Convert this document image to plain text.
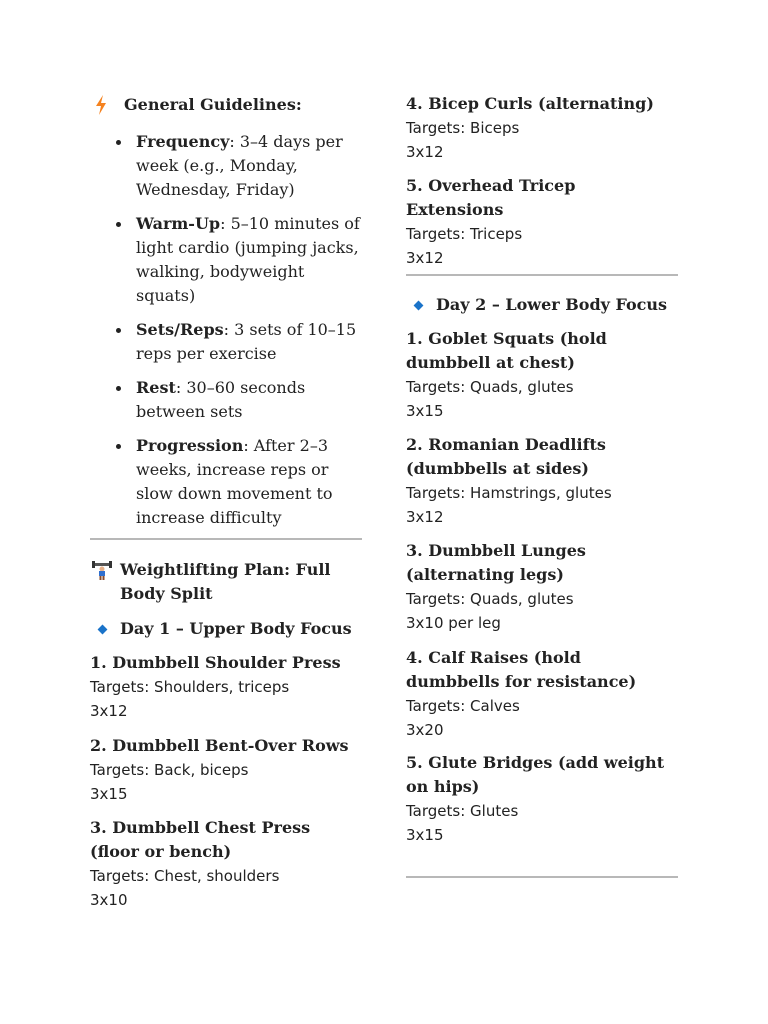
General Guidelines:
Frequency: 3–4 days per week (e.g., Monday, Wednesday, Friday)
Warm-Up: 5–10 minutes of light cardio (jumping jacks, walking, bodyweight squats)
Sets/Reps: 3 sets of 10–15 reps per exercise
Rest: 30–60 seconds between sets
Progression: After 2–3 weeks, increase reps or slow down movement to increase difficulty
Weightlifting Plan: Full Body Split
Day 1 – Upper Body Focus
1. Dumbbell Shoulder Press
Targets: Shoulders, triceps
3x12
2. Dumbbell Bent-Over Rows
Targets: Back, biceps
3x15
3. Dumbbell Chest Press (floor or bench)
Targets: Chest, shoulders
3x10
4. Bicep Curls (alternating)
Targets: Biceps
3x12
5. Overhead Tricep Extensions
Targets: Triceps
3x12
Day 2 – Lower Body Focus
1. Goblet Squats (hold dumbbell at chest)
Targets: Quads, glutes
3x15
2. Romanian Deadlifts (dumbbells at sides)
Targets: Hamstrings, glutes
3x12
3. Dumbbell Lunges (alternating legs)
Targets: Quads, glutes
3x10 per leg
4. Calf Raises (hold dumbbells for resistance)
Targets: Calves
3x20
5. Glute Bridges (add weight on hips)
Targets: Glutes
3x15
